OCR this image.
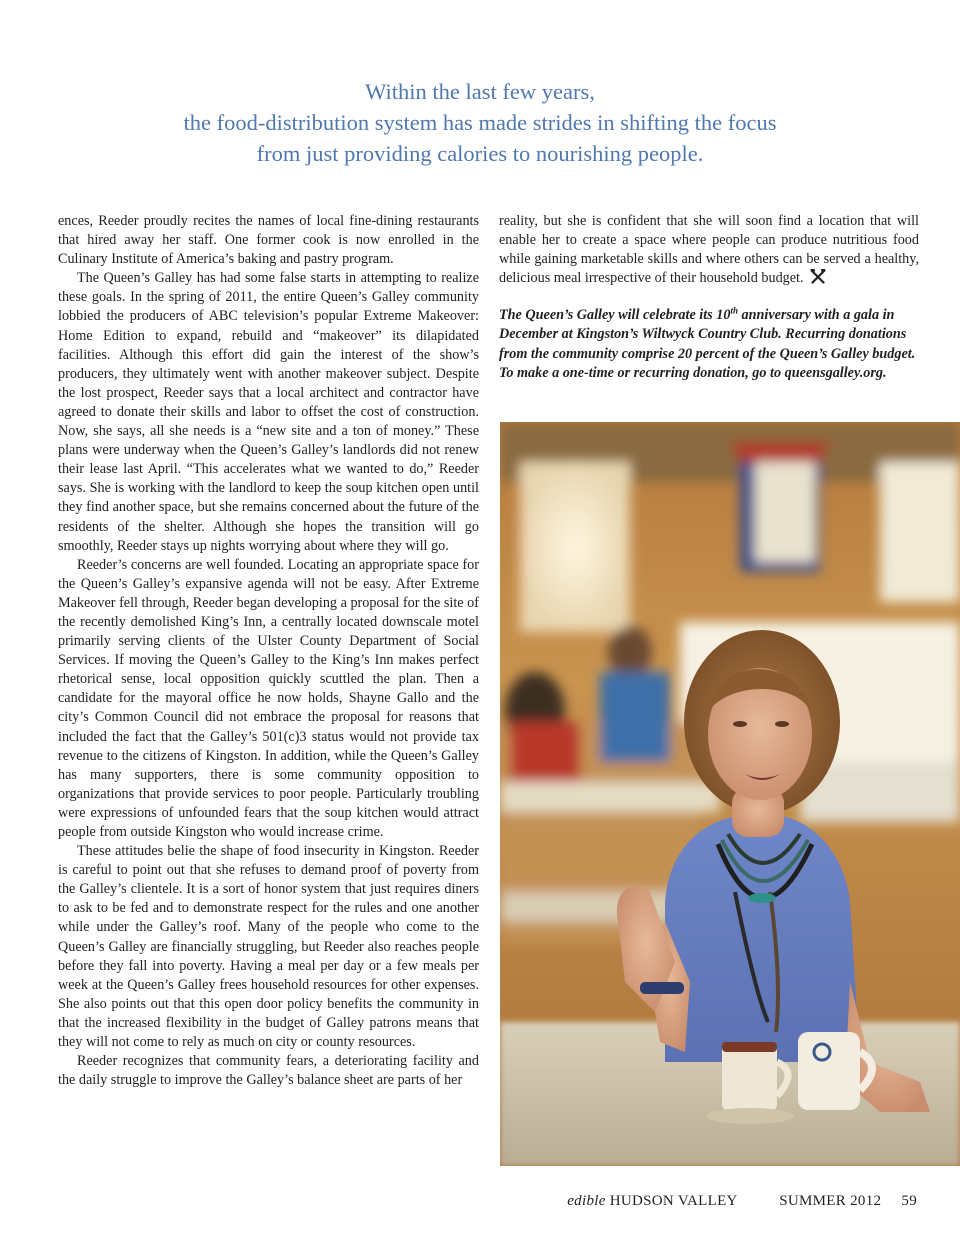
Within the last few years,
the food-distribution system has made strides in shifting the focus
from just providing calories to nourishing people.

ences, Reeder proudly recites the names of local fine-dining restaurants that hired away her staff. One former cook is now enrolled in the Culinary Institute of America’s baking and pastry program.

The Queen’s Galley has had some false starts in attempting to realize these goals. In the spring of 2011, the entire Queen’s Galley community lobbied the producers of ABC television’s popular Extreme Makeover: Home Edition to expand, rebuild and “makeover” its dilapidated facilities. Although this effort did gain the interest of the show’s producers, they ultimately went with another makeover subject. Despite the lost prospect, Reeder says that a local architect and contractor have agreed to donate their skills and labor to offset the cost of construction. Now, she says, all she needs is a “new site and a ton of money.” These plans were underway when the Queen’s Galley’s landlords did not renew their lease last April. “This accelerates what we wanted to do,” Reeder says. She is working with the landlord to keep the soup kitchen open until they find another space, but she remains concerned about the future of the residents of the shelter. Although she hopes the transition will go smoothly, Reeder stays up nights worrying about where they will go.

Reeder’s concerns are well founded. Locating an appropriate space for the Queen’s Galley’s expansive agenda will not be easy. After Extreme Makeover fell through, Reeder began developing a proposal for the site of the recently demolished King’s Inn, a centrally located downscale motel primarily serving clients of the Ulster County Department of Social Services. If moving the Queen’s Galley to the King’s Inn makes perfect rhetorical sense, local opposition quickly scuttled the plan. Then a candidate for the mayoral office he now holds, Shayne Gallo and the city’s Common Council did not embrace the proposal for reasons that included the fact that the Galley’s 501(c)3 status would not provide tax revenue to the citizens of Kingston. In addition, while the Queen’s Galley has many supporters, there is some community opposition to organizations that provide services to poor people. Particularly troubling were expressions of unfounded fears that the soup kitchen would attract people from outside Kingston who would increase crime.

These attitudes belie the shape of food insecurity in Kingston. Reeder is careful to point out that she refuses to demand proof of poverty from the Galley’s clientele. It is a sort of honor system that just requires diners to ask to be fed and to demonstrate respect for the rules and one another while under the Galley’s roof. Many of the people who come to the Queen’s Galley are financially struggling, but Reeder also reaches people before they fall into poverty. Having a meal per day or a few meals per week at the Queen’s Galley frees household resources for other expenses. She also points out that this open door policy benefits the community in that the increased flexibility in the budget of Galley patrons means that they will not come to rely as much on city or county resources.

Reeder recognizes that community fears, a deteriorating facility and the daily struggle to improve the Galley’s balance sheet are parts of her

reality, but she is confident that she will soon find a location that will enable her to create a space where people can produce nutritious food while gaining marketable skills and where others can be served a healthy, delicious meal irrespective of their household budget.

The Queen’s Galley will celebrate its 10th anniversary with a gala in December at Kingston’s Wiltwyck Country Club. Recurring donations from the community comprise 20 percent of the Queen’s Galley budget. To make a one-time or recurring donation, go to queensgalley.org.

edible HUDSON VALLEY	SUMMER 2012 59
